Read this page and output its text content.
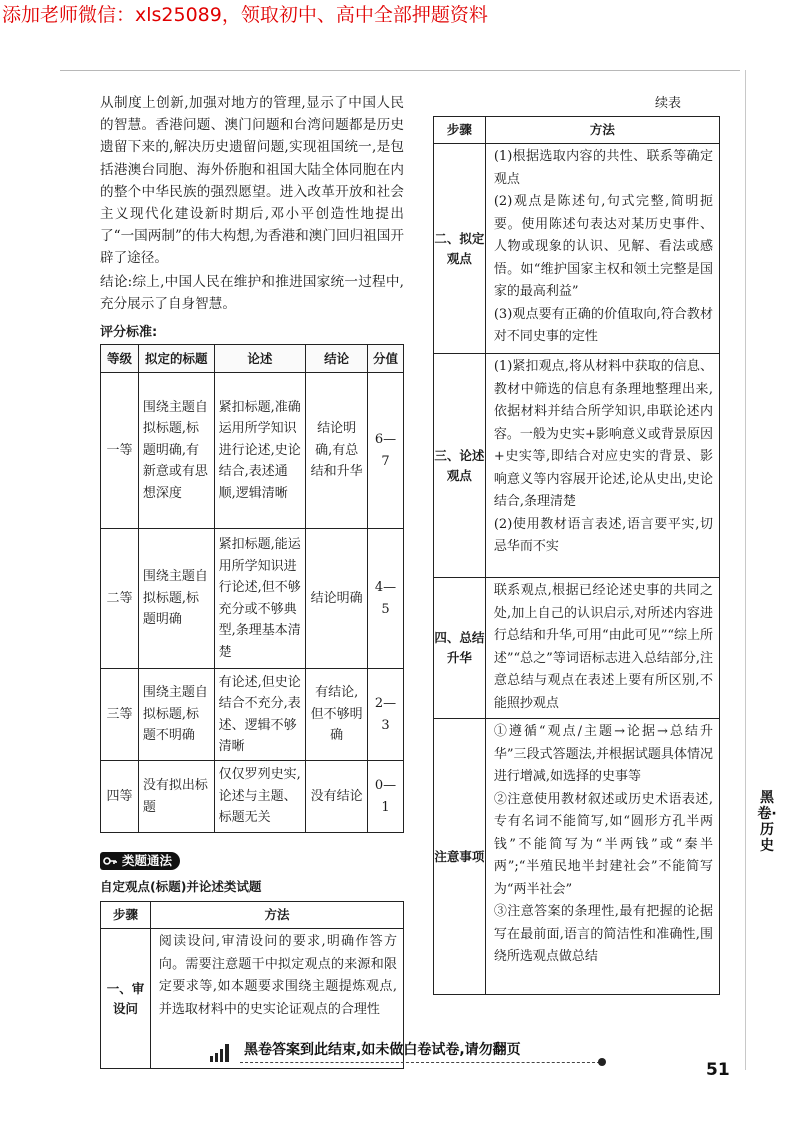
添加老师微信：xls25089，领取初中、高中全部押题资料

从制度上创新,加强对地方的管理,显示了中国人民的智慧。香港问题、澳门问题和台湾问题都是历史遗留下来的,解决历史遗留问题,实现祖国统一,是包括港澳台同胞、海外侨胞和祖国大陆全体同胞在内的整个中华民族的强烈愿望。进入改革开放和社会主义现代化建设新时期后,邓小平创造性地提出了“一国两制”的伟大构想,为香港和澳门回归祖国开辟了途径。

结论:综上,中国人民在维护和推进国家统一过程中,充分展示了自身智慧。

评分标准:
等级	拟定的标题	论述	结论	分值
一等	围绕主题自拟标题,标题明确,有新意或有思想深度	紧扣标题,准确运用所学知识进行论述,史论结合,表述通顺,逻辑清晰	结论明确,有总结和升华	6—7
二等	围绕主题自拟标题,标题明确	紧扣标题,能运用所学知识进行论述,但不够充分或不够典型,条理基本清楚	结论明确	4—5
三等	围绕主题自拟标题,标题不明确	有论述,但史论结合不充分,表述、逻辑不够清晰	有结论,但不够明确	2—3
四等	没有拟出标题	仅仅罗列史实,论述与主题、标题无关	没有结论	0—1
类题通法
自定观点(标题)并论述类试题
步骤	方法
一、审设问	阅读设问,审清设问的要求,明确作答方向。需要注意题干中拟定观点的来源和限定要求等,如本题要求围绕主题提炼观点,并选取材料中的史实论证观点的合理性
续表
步骤	方法
二、拟定观点	(1)根据选取内容的共性、联系等确定观点
(2)观点是陈述句,句式完整,简明扼要。使用陈述句表达对某历史事件、人物或现象的认识、见解、看法或感悟。如“维护国家主权和领土完整是国家的最高利益”
(3)观点要有正确的价值取向,符合教材对不同史事的定性

三、论述观点	(1)紧扣观点,将从材料中获取的信息、教材中筛选的信息有条理地整理出来,依据材料并结合所学知识,串联论述内容。一般为史实+影响意义或背景原因+史实等,即结合对应史实的背景、影响意义等内容展开论述,论从史出,史论结合,条理清楚
(2)使用教材语言表述,语言要平实,切忌华而不实

四、总结升华	联系观点,根据已经论述史事的共同之处,加上自己的认识启示,对所述内容进行总结和升华,可用“由此可见”“综上所述”“总之”等词语标志进入总结部分,注意总结与观点在表述上要有所区别,不能照抄观点

注意事项	①遵循“观点/主题→论据→总结升华”三段式答题法,并根据试题具体情况进行增减,如选择的史事等
②注意使用教材叙述或历史术语表述,专有名词不能简写,如“圆形方孔半两钱”不能简写为“半两钱”或“秦半两”;“半殖民地半封建社会”不能简写为“两半社会”
③注意答案的条理性,最有把握的论据写在最前面,语言的简洁性和准确性,围绕所选观点做总结
黑卷·历史
黑卷答案到此结束,如未做白卷试卷,请勿翻页
51
